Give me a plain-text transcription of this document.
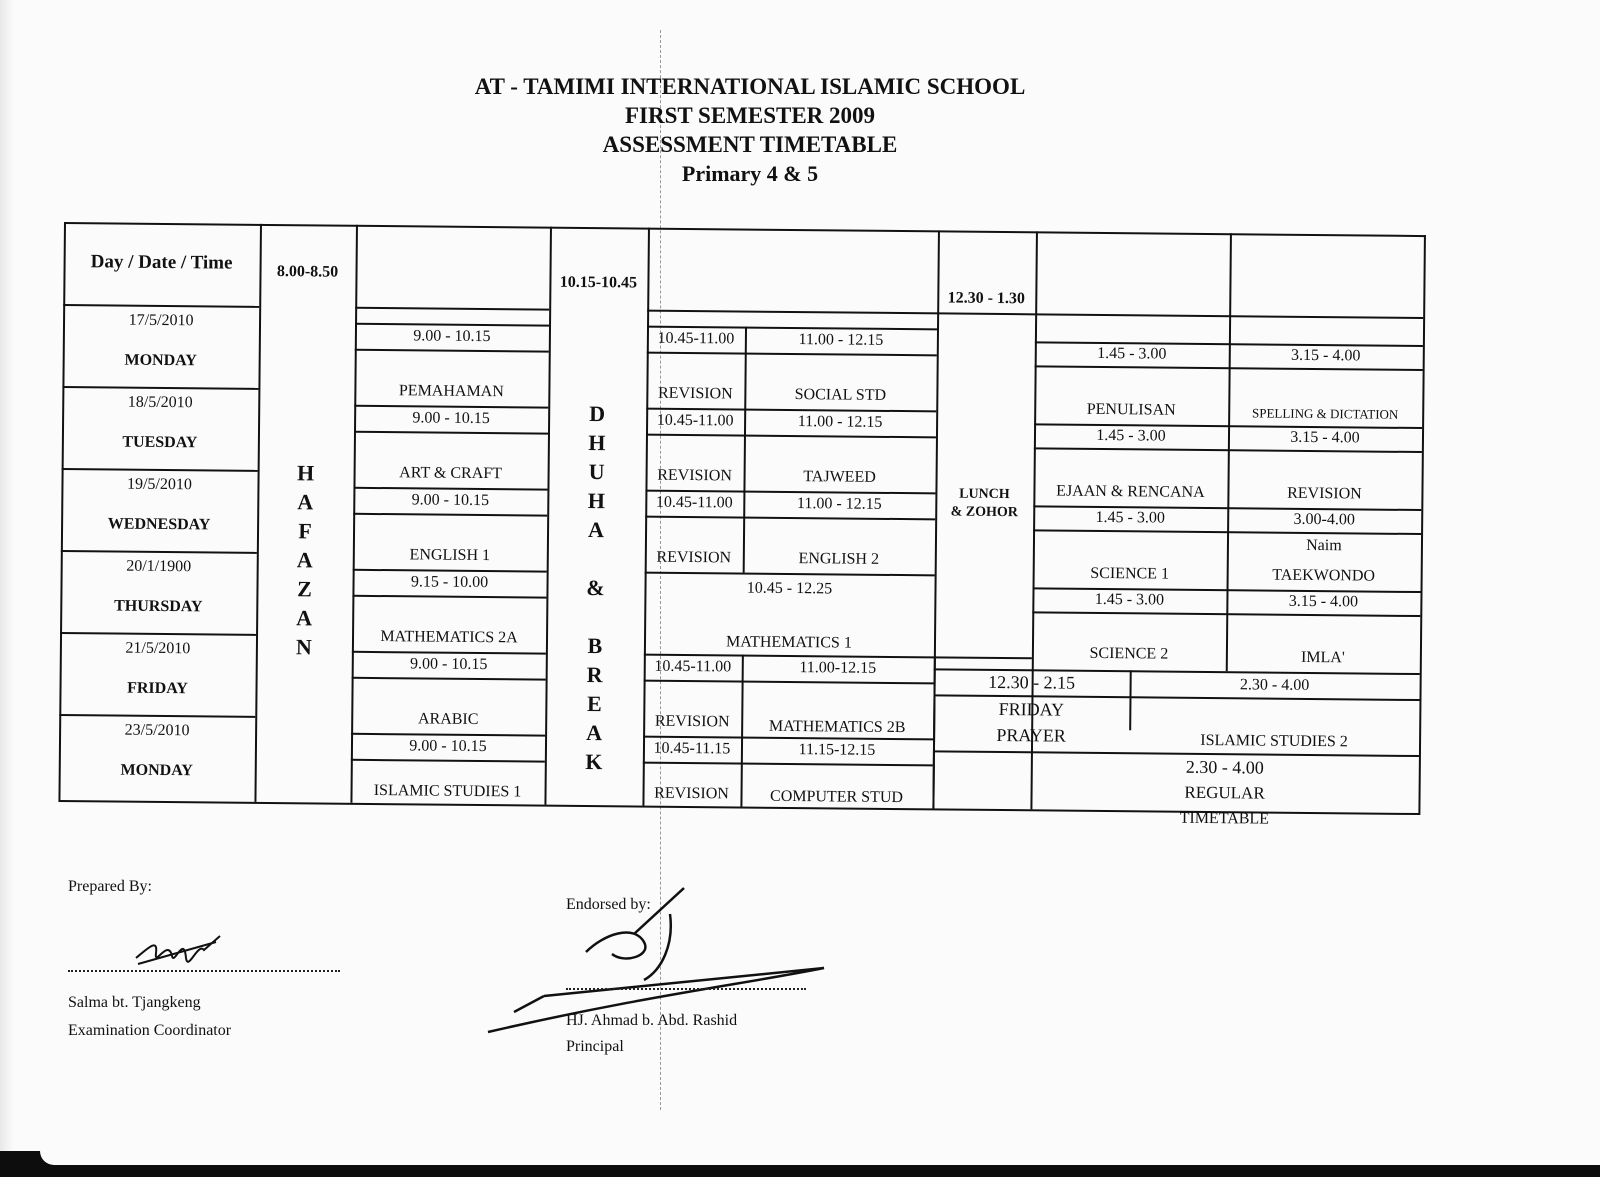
AT - TAMIMI INTERNATIONAL ISLAMIC SCHOOL
FIRST SEMESTER 2009
ASSESSMENT TIMETABLE
Primary 4 & 5
Day / Date / Time	8.00-8.50
10.15-10.45
12.30 - 1.30
H
A
F
A
Z
A
N
D
H
U
H
A

&

B
R
E
A
K
LUNCH
& ZOHOR
17/5/2010
MONDAY
9.00 - 10.15
PEMAHAMAN
10.45-11.00
REVISION
11.00 - 12.15
SOCIAL STD
1.45 - 3.00
PENULISAN
3.15 - 4.00
SPELLING & DICTATION
18/5/2010
TUESDAY
9.00 - 10.15
ART & CRAFT
10.45-11.00
REVISION
11.00 - 12.15
TAJWEED
1.45 - 3.00
EJAAN & RENCANA
3.15 - 4.00
REVISION
19/5/2010
WEDNESDAY
9.00 - 10.15
ENGLISH 1
10.45-11.00
REVISION
11.00 - 12.15
ENGLISH 2
1.45 - 3.00
SCIENCE 1
3.00-4.00
Naim
TAEKWONDO
20/1/1900
THURSDAY
9.15 - 10.00
MATHEMATICS 2A
10.45 - 12.25
MATHEMATICS 1
1.45 - 3.00
SCIENCE 2
3.15 - 4.00
IMLA'
21/5/2010
FRIDAY
9.00 - 10.15
ARABIC
10.45-11.00
REVISION
11.00-12.15
MATHEMATICS 2B
12.30 - 2.15
FRIDAY
PRAYER
2.30 - 4.00
ISLAMIC STUDIES 2
23/5/2010
MONDAY
9.00 - 10.15
ISLAMIC STUDIES 1
10.45-11.15
REVISION
11.15-12.15
COMPUTER STUD
2.30 - 4.00
REGULAR
TIMETABLE
Prepared By:
Salma bt. Tjangkeng
Examination Coordinator
Endorsed by:
HJ. Ahmad b. Abd. Rashid
Principal
